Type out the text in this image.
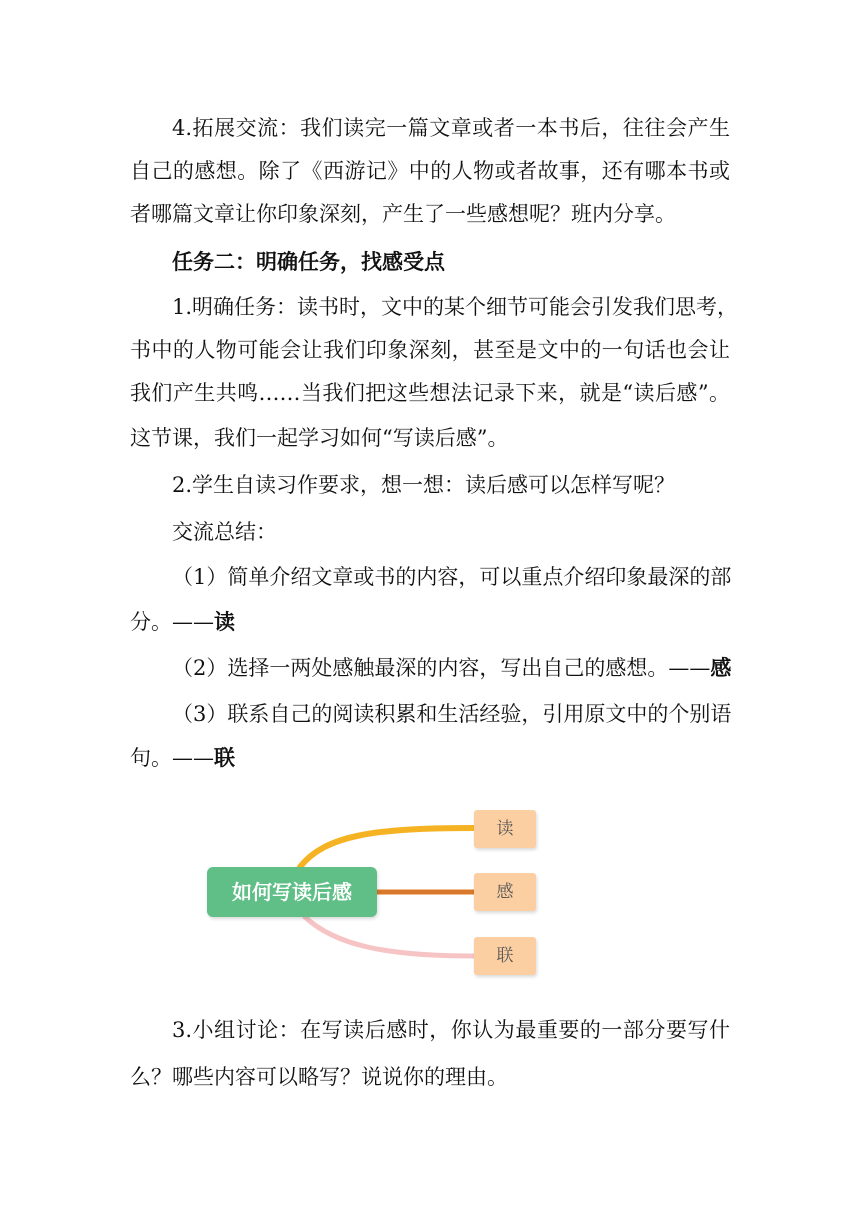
4.拓展交流：我们读完一篇文章或者一本书后，往往会产生
自己的感想。除了《西游记》中的人物或者故事，还有哪本书或
者哪篇文章让你印象深刻，产生了一些感想呢？班内分享。
任务二：明确任务，找感受点
1.明确任务：读书时，文中的某个细节可能会引发我们思考，
书中的人物可能会让我们印象深刻，甚至是文中的一句话也会让
我们产生共鸣……当我们把这些想法记录下来，就是“读后感”。
这节课，我们一起学习如何“写读后感”。
2.学生自读习作要求，想一想：读后感可以怎样写呢？
交流总结：
（1）简单介绍文章或书的内容，可以重点介绍印象最深的部
分。——读
（2）选择一两处感触最深的内容，写出自己的感想。——感
（3）联系自己的阅读积累和生活经验，引用原文中的个别语
句。——联
如何写读后感
读
感
联
3.小组讨论：在写读后感时，你认为最重要的一部分要写什
么？哪些内容可以略写？说说你的理由。
